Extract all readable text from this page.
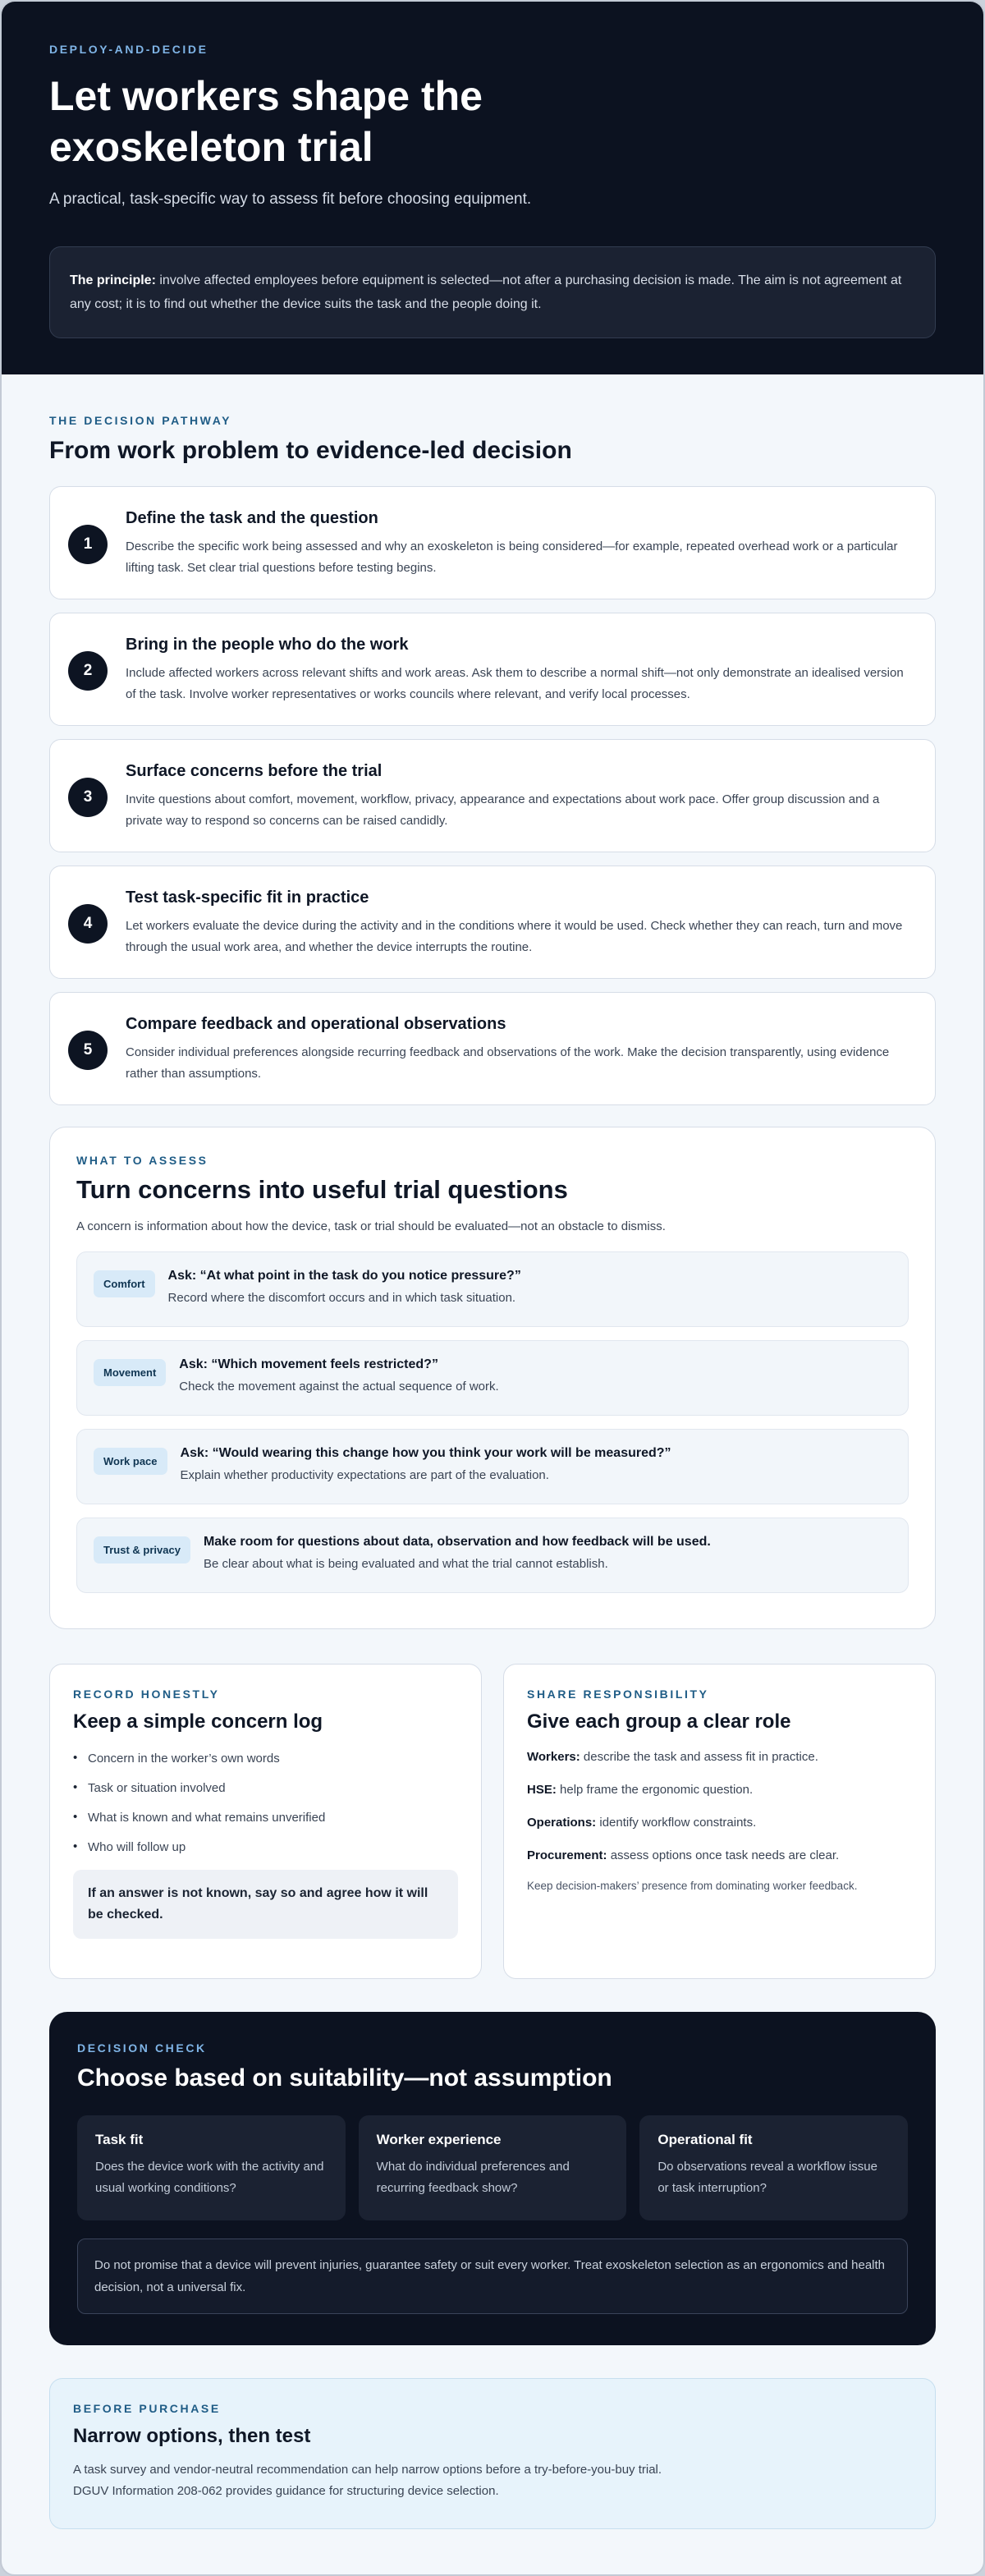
DEPLOY-AND-DECIDE
Let workers shape the exoskeleton trial

A practical, task-specific way to assess fit before choosing equipment.

The principle: involve affected employees before equipment is selected—not after a purchasing decision is made. The aim is not agreement at any cost; it is to find out whether the device suits the task and the people doing it.
THE DECISION PATHWAY
From work problem to evidence-led decision
1
Define the task and the question
Describe the specific work being assessed and why an exoskeleton is being considered—for example, repeated overhead work or a particular lifting task. Set clear trial questions before testing begins.
2
Bring in the people who do the work
Include affected workers across relevant shifts and work areas. Ask them to describe a normal shift—not only demonstrate an idealised version of the task. Involve worker representatives or works councils where relevant, and verify local processes.
3
Surface concerns before the trial
Invite questions about comfort, movement, workflow, privacy, appearance and expectations about work pace. Offer group discussion and a private way to respond so concerns can be raised candidly.
4
Test task-specific fit in practice
Let workers evaluate the device during the activity and in the conditions where it would be used. Check whether they can reach, turn and move through the usual work area, and whether the device interrupts the routine.
5
Compare feedback and operational observations
Consider individual preferences alongside recurring feedback and observations of the work. Make the decision transparently, using evidence rather than assumptions.
WHAT TO ASSESS
Turn concerns into useful trial questions

A concern is information about how the device, task or trial should be evaluated—not an obstacle to dismiss.

Comfort
Ask: “At what point in the task do you notice pressure?”
Record where the discomfort occurs and in which task situation.
Movement
Ask: “Which movement feels restricted?”
Check the movement against the actual sequence of work.
Work pace
Ask: “Would wearing this change how you think your work will be measured?”
Explain whether productivity expectations are part of the evaluation.
Trust & privacy
Make room for questions about data, observation and how feedback will be used.
Be clear about what is being evaluated and what the trial cannot establish.
RECORD HONESTLY
Keep a simple concern log
• Concern in the worker’s own words
• Task or situation involved
• What is known and what remains unverified
• Who will follow up
If an answer is not known, say so and agree how it will be checked.
SHARE RESPONSIBILITY
Give each group a clear role

Workers: describe the task and assess fit in practice.

HSE: help frame the ergonomic question.

Operations: identify workflow constraints.

Procurement: assess options once task needs are clear.

Keep decision-makers’ presence from dominating worker feedback.

DECISION CHECK
Choose based on suitability—not assumption
Task fit
Does the device work with the activity and usual working conditions?
Worker experience
What do individual preferences and recurring feedback show?
Operational fit
Do observations reveal a workflow issue or task interruption?
Do not promise that a device will prevent injuries, guarantee safety or suit every worker. Treat exoskeleton selection as an ergonomics and health decision, not a universal fix.
BEFORE PURCHASE
Narrow options, then test

A task survey and vendor-neutral recommendation can help narrow options before a try-before-you-buy trial.
DGUV Information 208-062 provides guidance for structuring device selection.
